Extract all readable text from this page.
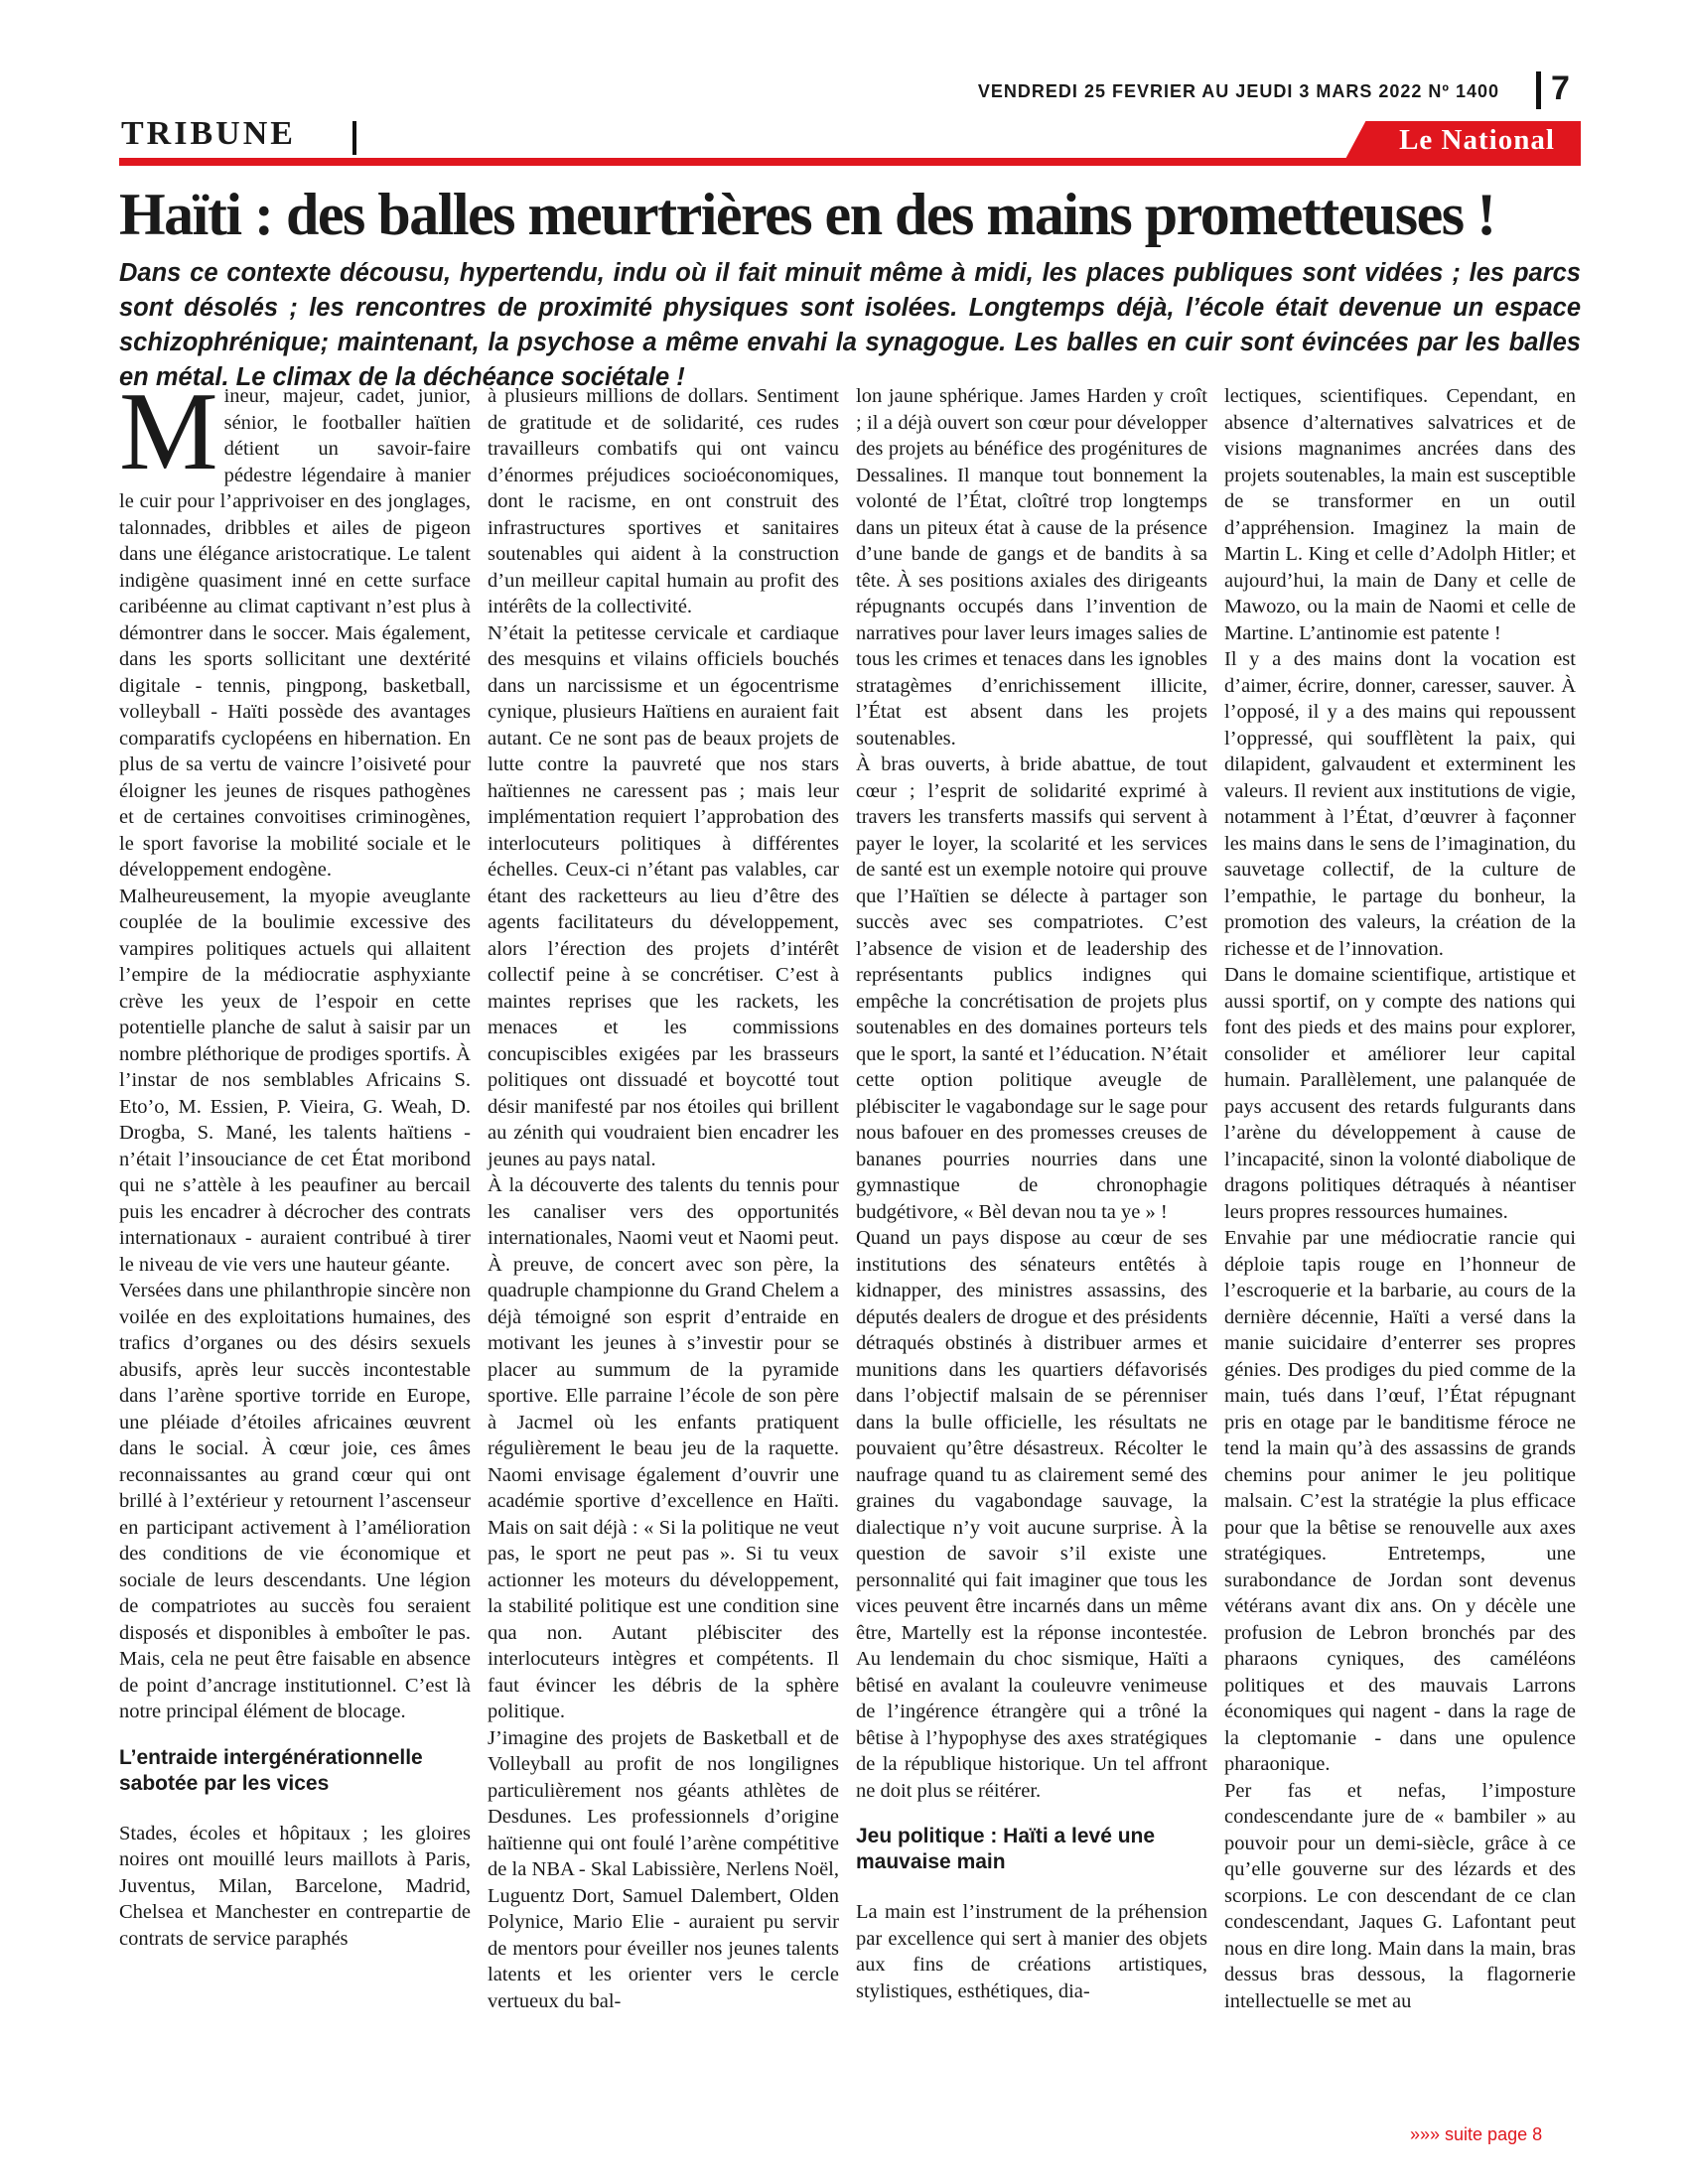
VENDREDI 25 FEVRIER AU JEUDI 3 MARS 2022 Nº 1400 7
TRIBUNE	Le National
Haïti : des balles meurtrières en des mains prometteuses !
Dans ce contexte décousu, hypertendu, indu où il fait minuit même à midi, les places publiques sont vidées ; les parcs sont désolés ; les rencontres de proximité physiques sont isolées. Longtemps déjà, l’école était devenue un espace schizophrénique; maintenant, la psychose a même envahi la synagogue. Les balles en cuir sont évincées par les balles en métal. Le climax de la déchéance sociétale !
M ineur, majeur, cadet, junior, sénior, le footballer haïtien détient un savoir-faire pédestre légendaire à manier le cuir pour l’apprivoiser en des jonglages, talonnades, dribbles et ailes de pigeon dans une élégance aristocratique. Le talent indigène quasiment inné en cette surface caribéenne au climat captivant n’est plus à démontrer dans le soccer. Mais également, dans les sports sollicitant une dextérité digitale - tennis, pingpong, basketball, volleyball - Haïti possède des avantages comparatifs cyclopéens en hibernation. En plus de sa vertu de vaincre l’oisiveté pour éloigner les jeunes de risques pathogènes et de certaines convoitises criminogènes, le sport favorise la mobilité sociale et le développement endogène.

Malheureusement, la myopie aveuglante couplée de la boulimie excessive des vampires politiques actuels qui allaitent l’empire de la médiocratie asphyxiante crève les yeux de l’espoir en cette potentielle planche de salut à saisir par un nombre pléthorique de prodiges sportifs. À l’instar de nos semblables Africains S. Eto’o, M. Essien, P. Vieira, G. Weah, D. Drogba, S. Mané, les talents haïtiens - n’était l’insouciance de cet État moribond qui ne s’attèle à les peaufiner au bercail puis les encadrer à décrocher des contrats internationaux - auraient contribué à tirer le niveau de vie vers une hauteur géante.

Versées dans une philanthropie sincère non voilée en des exploitations humaines, des trafics d’organes ou des désirs sexuels abusifs, après leur succès incontestable dans l’arène sportive torride en Europe, une pléiade d’étoiles africaines œuvrent dans le social. À cœur joie, ces âmes reconnaissantes au grand cœur qui ont brillé à l’extérieur y retournent l’ascenseur en participant activement à l’amélioration des conditions de vie économique et sociale de leurs descendants. Une légion de compatriotes au succès fou seraient disposés et disponibles à emboîter le pas. Mais, cela ne peut être faisable en absence de point d’ancrage institutionnel. C’est là notre principal élément de blocage.

L’entraide intergénérationnelle sabotée par les vices

Stades, écoles et hôpitaux ; les gloires noires ont mouillé leurs maillots à Paris, Juventus, Milan, Barcelone, Madrid, Chelsea et Manchester en contrepartie de contrats de service paraphés

à plusieurs millions de dollars. Sentiment de gratitude et de solidarité, ces rudes travailleurs combatifs qui ont vaincu d’énormes préjudices socioéconomiques, dont le racisme, en ont construit des infrastructures sportives et sanitaires soutenables qui aident à la construction d’un meilleur capital humain au profit des intérêts de la collectivité.

N’était la petitesse cervicale et cardiaque des mesquins et vilains officiels bouchés dans un narcissisme et un égocentrisme cynique, plusieurs Haïtiens en auraient fait autant. Ce ne sont pas de beaux projets de lutte contre la pauvreté que nos stars haïtiennes ne caressent pas ; mais leur implémentation requiert l’approbation des interlocuteurs politiques à différentes échelles. Ceux-ci n’étant pas valables, car étant des racketteurs au lieu d’être des agents facilitateurs du développement, alors l’érection des projets d’intérêt collectif peine à se concrétiser. C’est à maintes reprises que les rackets, les menaces et les commissions concupiscibles exigées par les brasseurs politiques ont dissuadé et boycotté tout désir manifesté par nos étoiles qui brillent au zénith qui voudraient bien encadrer les jeunes au pays natal.

À la découverte des talents du tennis pour les canaliser vers des opportunités internationales, Naomi veut et Naomi peut. À preuve, de concert avec son père, la quadruple championne du Grand Chelem a déjà témoigné son esprit d’entraide en motivant les jeunes à s’investir pour se placer au summum de la pyramide sportive. Elle parraine l’école de son père à Jacmel où les enfants pratiquent régulièrement le beau jeu de la raquette. Naomi envisage également d’ouvrir une académie sportive d’excellence en Haïti. Mais on sait déjà : « Si la politique ne veut pas, le sport ne peut pas ». Si tu veux actionner les moteurs du développement, la stabilité politique est une condition sine qua non. Autant plébisciter des interlocuteurs intègres et compétents. Il faut évincer les débris de la sphère politique.

J’imagine des projets de Basketball et de Volleyball au profit de nos longilignes particulièrement nos géants athlètes de Desdunes. Les professionnels d’origine haïtienne qui ont foulé l’arène compétitive de la NBA - Skal Labissière, Nerlens Noël, Luguentz Dort, Samuel Dalembert, Olden Polynice, Mario Elie - auraient pu servir de mentors pour éveiller nos jeunes talents latents et les orienter vers le cercle vertueux du bal-

lon jaune sphérique. James Harden y croît ; il a déjà ouvert son cœur pour développer des projets au bénéfice des progénitures de Dessalines. Il manque tout bonnement la volonté de l’État, cloîtré trop longtemps dans un piteux état à cause de la présence d’une bande de gangs et de bandits à sa tête. À ses positions axiales des dirigeants répugnants occupés dans l’invention de narratives pour laver leurs images salies de tous les crimes et tenaces dans les ignobles stratagèmes d’enrichissement illicite, l’État est absent dans les projets soutenables.

À bras ouverts, à bride abattue, de tout cœur ; l’esprit de solidarité exprimé à travers les transferts massifs qui servent à payer le loyer, la scolarité et les services de santé est un exemple notoire qui prouve que l’Haïtien se délecte à partager son succès avec ses compatriotes. C’est l’absence de vision et de leadership des représentants publics indignes qui empêche la concrétisation de projets plus soutenables en des domaines porteurs tels que le sport, la santé et l’éducation. N’était cette option politique aveugle de plébisciter le vagabondage sur le sage pour nous bafouer en des promesses creuses de bananes pourries nourries dans une gymnastique de chronophagie budgétivore, « Bèl devan nou ta ye » !

Quand un pays dispose au cœur de ses institutions des sénateurs entêtés à kidnapper, des ministres assassins, des députés dealers de drogue et des présidents détraqués obstinés à distribuer armes et munitions dans les quartiers défavorisés dans l’objectif malsain de se pérenniser dans la bulle officielle, les résultats ne pouvaient qu’être désastreux. Récolter le naufrage quand tu as clairement semé des graines du vagabondage sauvage, la dialectique n’y voit aucune surprise. À la question de savoir s’il existe une personnalité qui fait imaginer que tous les vices peuvent être incarnés dans un même être, Martelly est la réponse incontestée. Au lendemain du choc sismique, Haïti a bêtisé en avalant la couleuvre venimeuse de l’ingérence étrangère qui a trôné la bêtise à l’hypophyse des axes stratégiques de la république historique. Un tel affront ne doit plus se réitérer.

Jeu politique : Haïti a levé une mauvaise main

La main est l’instrument de la préhension par excellence qui sert à manier des objets aux fins de créations artistiques, stylistiques, esthétiques, dia-

lectiques, scientifiques. Cependant, en absence d’alternatives salvatrices et de visions magnanimes ancrées dans des projets soutenables, la main est susceptible de se transformer en un outil d’appréhension. Imaginez la main de Martin L. King et celle d’Adolph Hitler; et aujourd’hui, la main de Dany et celle de Mawozo, ou la main de Naomi et celle de Martine. L’antinomie est patente !

Il y a des mains dont la vocation est d’aimer, écrire, donner, caresser, sauver. À l’opposé, il y a des mains qui repoussent l’oppressé, qui soufflètent la paix, qui dilapident, galvaudent et exterminent les valeurs. Il revient aux institutions de vigie, notamment à l’État, d’œuvrer à façonner les mains dans le sens de l’imagination, du sauvetage collectif, de la culture de l’empathie, le partage du bonheur, la promotion des valeurs, la création de la richesse et de l’innovation.

Dans le domaine scientifique, artistique et aussi sportif, on y compte des nations qui font des pieds et des mains pour explorer, consolider et améliorer leur capital humain. Parallèlement, une palanquée de pays accusent des retards fulgurants dans l’arène du développement à cause de l’incapacité, sinon la volonté diabolique de dragons politiques détraqués à néantiser leurs propres ressources humaines.

Envahie par une médiocratie rancie qui déploie tapis rouge en l’honneur de l’escroquerie et la barbarie, au cours de la dernière décennie, Haïti a versé dans la manie suicidaire d’enterrer ses propres génies. Des prodiges du pied comme de la main, tués dans l’œuf, l’État répugnant pris en otage par le banditisme féroce ne tend la main qu’à des assassins de grands chemins pour animer le jeu politique malsain. C’est la stratégie la plus efficace pour que la bêtise se renouvelle aux axes stratégiques. Entretemps, une surabondance de Jordan sont devenus vétérans avant dix ans. On y décèle une profusion de Lebron bronchés par des pharaons cyniques, des caméléons politiques et des mauvais Larrons économiques qui nagent - dans la rage de la cleptomanie - dans une opulence pharaonique.

Per fas et nefas, l’imposture condescendante jure de « bambiler » au pouvoir pour un demi-siècle, grâce à ce qu’elle gouverne sur des lézards et des scorpions. Le con descendant de ce clan condescendant, Jaques G. Lafontant peut nous en dire long. Main dans la main, bras dessus bras dessous, la flagornerie intellectuelle se met au

»»» suite page 8
